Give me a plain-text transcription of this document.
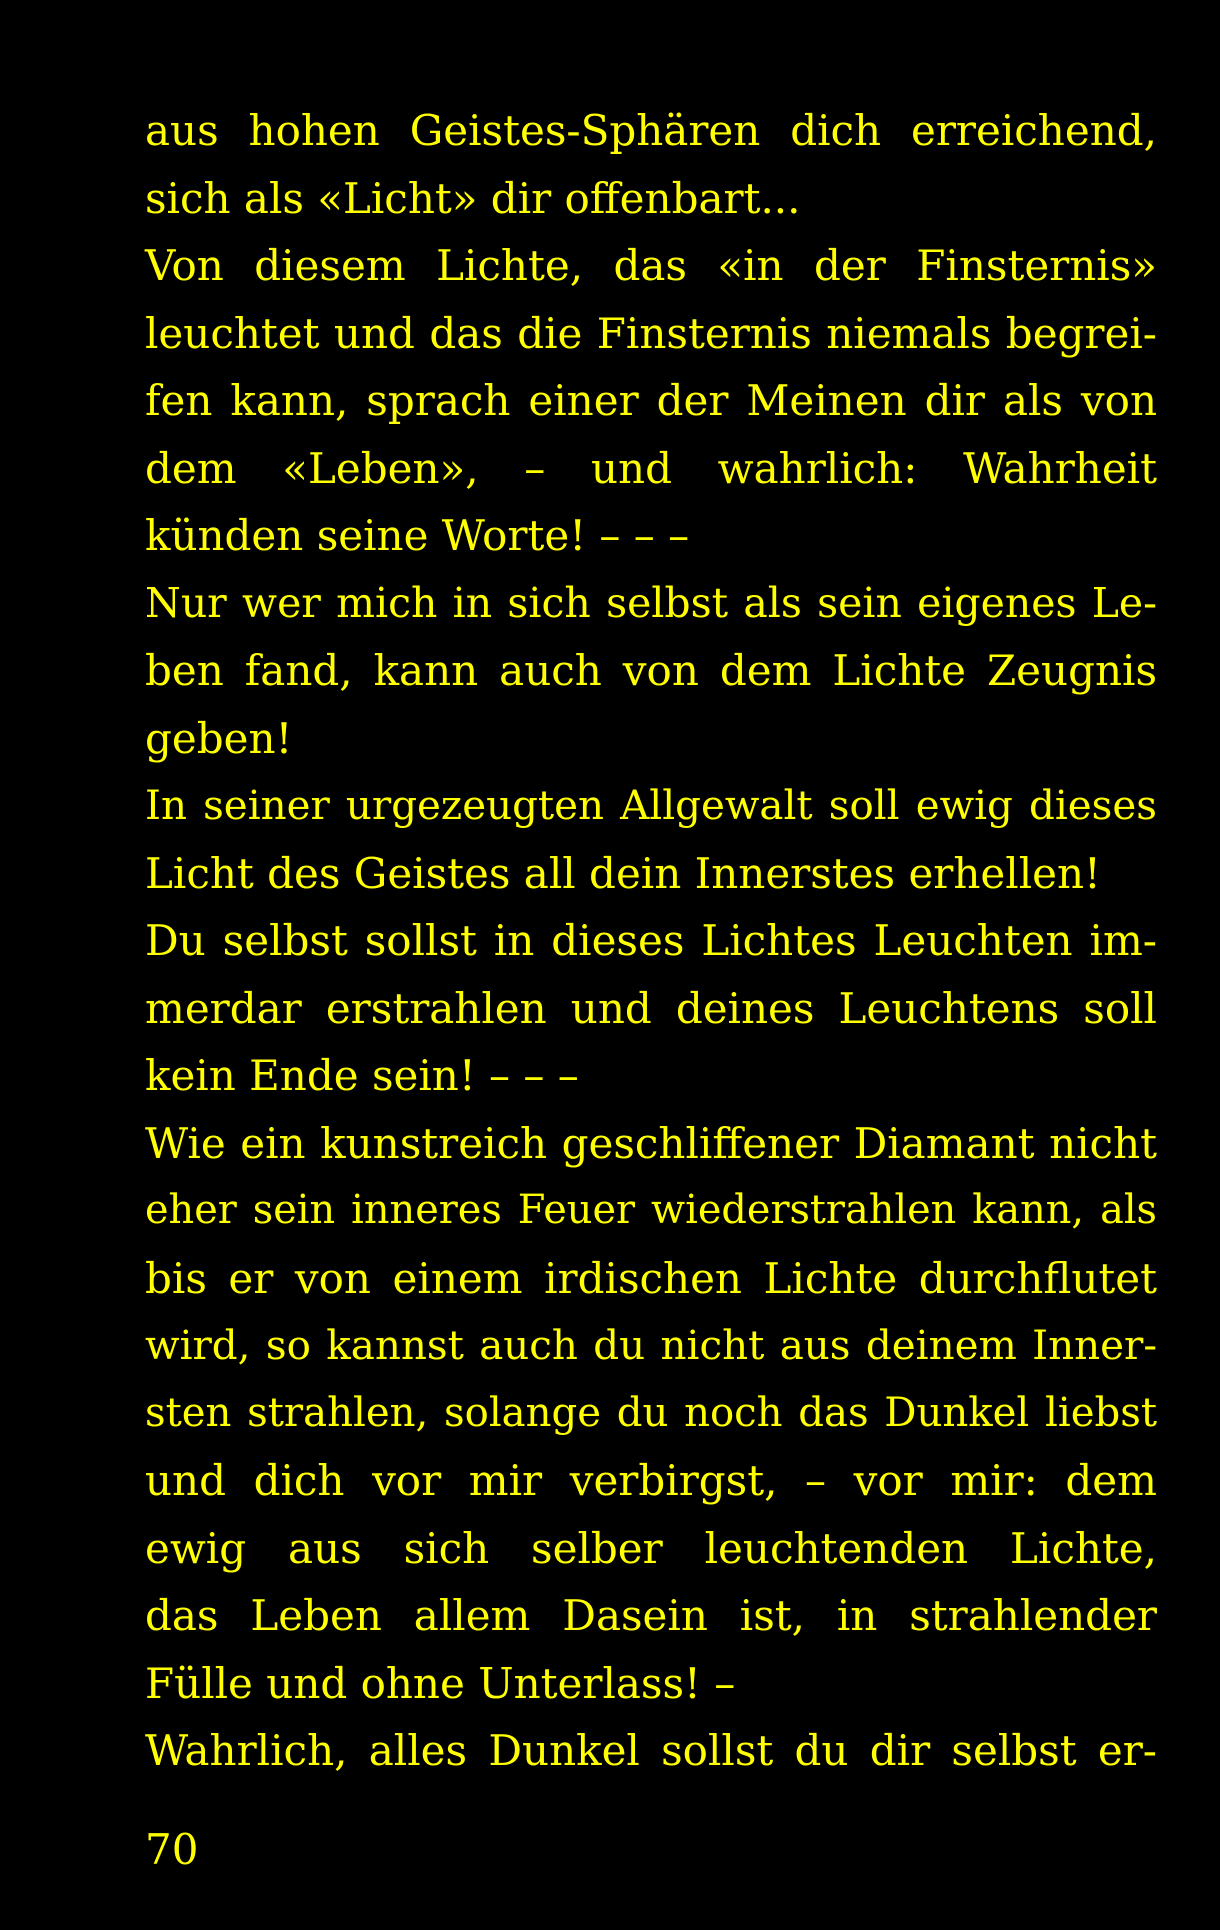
aus hohen Geistes-Sphären dich erreichend,
sich als «Licht» dir offenbart...
Von diesem Lichte, das «in der Finsternis»
leuchtet und das die Finsternis niemals begrei-
fen kann, sprach einer der Meinen dir als von
dem «Leben», – und wahrlich: Wahrheit
künden seine Worte! – – –
Nur wer mich in sich selbst als sein eigenes Le-
ben fand, kann auch von dem Lichte Zeugnis
geben!
In seiner urgezeugten Allgewalt soll ewig dieses
Licht des Geistes all dein Innerstes erhellen!
Du selbst sollst in dieses Lichtes Leuchten im-
merdar erstrahlen und deines Leuchtens soll
kein Ende sein! – – –
Wie ein kunstreich geschliffener Diamant nicht
eher sein inneres Feuer wiederstrahlen kann, als
bis er von einem irdischen Lichte durchflutet
wird, so kannst auch du nicht aus deinem Inner-
sten strahlen, solange du noch das Dunkel liebst
und dich vor mir verbirgst, – vor mir: dem
ewig aus sich selber leuchtenden Lichte,
das Leben allem Dasein ist, in strahlender
Fülle und ohne Unterlass! –
Wahrlich, alles Dunkel sollst du dir selbst er-
70
